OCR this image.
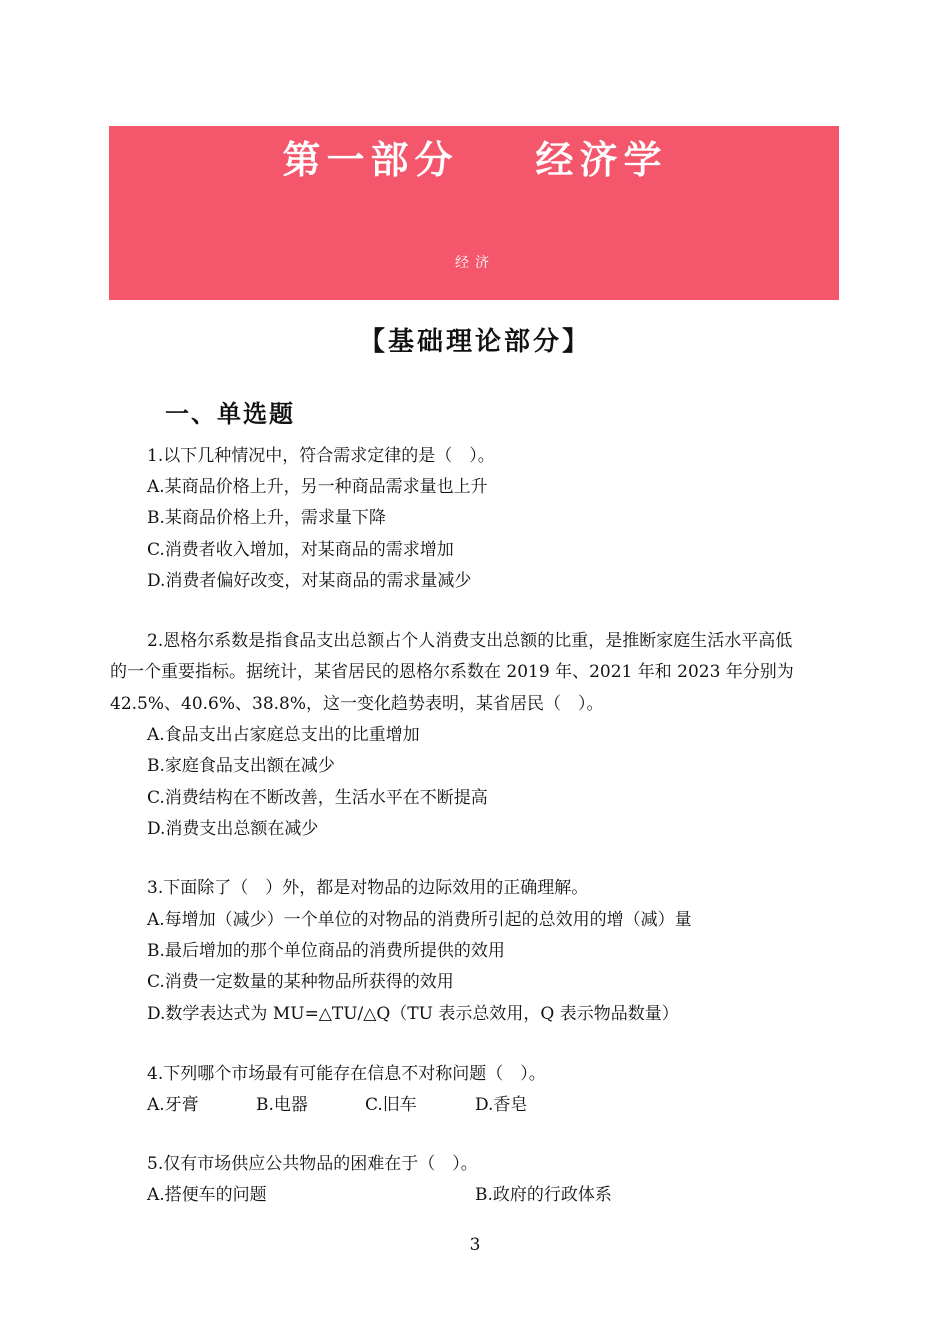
第一部分    经济学
经济
【基础理论部分】
一、单选题
1.以下几种情况中，符合需求定律的是（　）。
A.某商品价格上升，另一种商品需求量也上升
B.某商品价格上升，需求量下降
C.消费者收入增加，对某商品的需求增加
D.消费者偏好改变，对某商品的需求量减少
2.恩格尔系数是指食品支出总额占个人消费支出总额的比重，是推断家庭生活水平高低
的一个重要指标。据统计，某省居民的恩格尔系数在 2019 年、2021 年和 2023 年分别为
42.5%、40.6%、38.8%，这一变化趋势表明，某省居民（　）。
A.食品支出占家庭总支出的比重增加
B.家庭食品支出额在减少
C.消费结构在不断改善，生活水平在不断提高
D.消费支出总额在减少
3.下面除了（　）外，都是对物品的边际效用的正确理解。
A.每增加（减少）一个单位的对物品的消费所引起的总效用的增（减）量
B.最后增加的那个单位商品的消费所提供的效用
C.消费一定数量的某种物品所获得的效用
D.数学表达式为 MU=△TU/△Q（TU 表示总效用，Q 表示物品数量）
4.下列哪个市场最有可能存在信息不对称问题（　）。
A.牙膏	B.电器	C.旧车	D.香皂
5.仅有市场供应公共物品的困难在于（　）。
A.搭便车的问题	B.政府的行政体系
3
